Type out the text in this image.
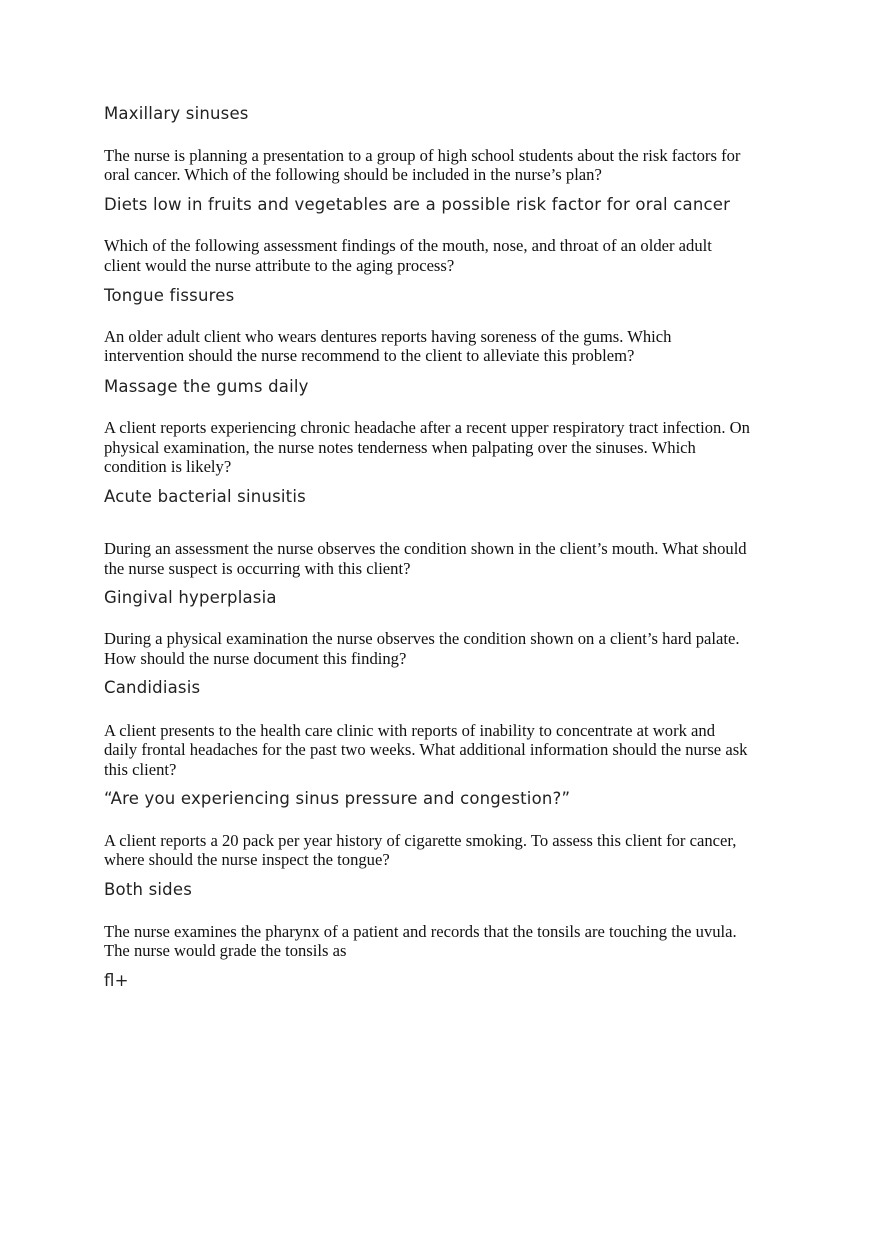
Maxillary sinuses

The nurse is planning a presentation to a group of high school students about the risk factors for

oral cancer. Which of the following should be included in the nurse’s plan?

Diets low in fruits and vegetables are a possible risk factor for oral cancer

Which of the following assessment findings of the mouth, nose, and throat of an older adult

client would the nurse attribute to the aging process?

Tongue fissures

An older adult client who wears dentures reports having soreness of the gums. Which

intervention should the nurse recommend to the client to alleviate this problem?

Massage the gums daily

A client reports experiencing chronic headache after a recent upper respiratory tract infection. On

physical examination, the nurse notes tenderness when palpating over the sinuses. Which

condition is likely?

Acute bacterial sinusitis

During an assessment the nurse observes the condition shown in the client’s mouth. What should

the nurse suspect is occurring with this client?

Gingival hyperplasia

During a physical examination the nurse observes the condition shown on a client’s hard palate.

How should the nurse document this finding?

Candidiasis

A client presents to the health care clinic with reports of inability to concentrate at work and

daily frontal headaches for the past two weeks. What additional information should the nurse ask

this client?

“Are you experiencing sinus pressure and congestion?”

A client reports a 20 pack per year history of cigarette smoking. To assess this client for cancer,

where should the nurse inspect the tongue?

Both sides

The nurse examines the pharynx of a patient and records that the tonsils are touching the uvula.

The nurse would grade the tonsils as

ﬂ+
